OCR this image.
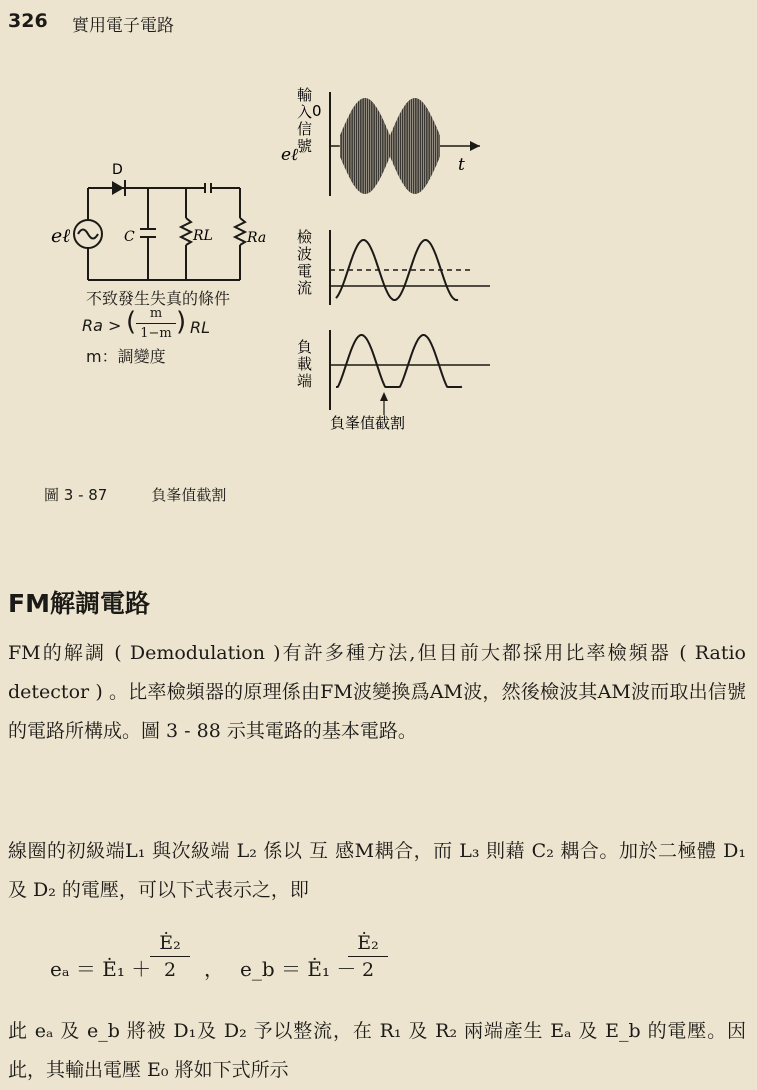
326 實用電子電路
eℓ
D
C	RL Ra
0
eℓ	t
負峯值截割
輸入信號
檢波電流
負載端
不致發生失真的條件
Ra > (	m
1−m ) RL
m：調變度
圖 3 - 87	負峯值截割
FM解調電路

FM的解調 ( Demodulation )有許多種方法,但目前大都採用比率檢頻器 ( Ratio detector ) 。比率檢頻器的原理係由FM波變換爲AM波，然後檢波其AM波而取出信號的電路所構成。圖 3 - 88 示其電路的基本電路。

線圈的初級端L₁ 與次級端 L₂ 係以 互 感M耦合，而 L₃ 則藉 C₂ 耦合。加於二極體 D₁ 及 D₂ 的電壓，可以下式表示之，即

eₐ ＝ Ė₁ ＋
Ė₂
2	， e_b ＝ Ė₁ －
Ė₂
2

此 eₐ 及 e_b 將被 D₁及 D₂ 予以整流，在 R₁ 及 R₂ 兩端產生 Eₐ 及 E_b 的電壓。因此，其輸出電壓 E₀ 將如下式所示
